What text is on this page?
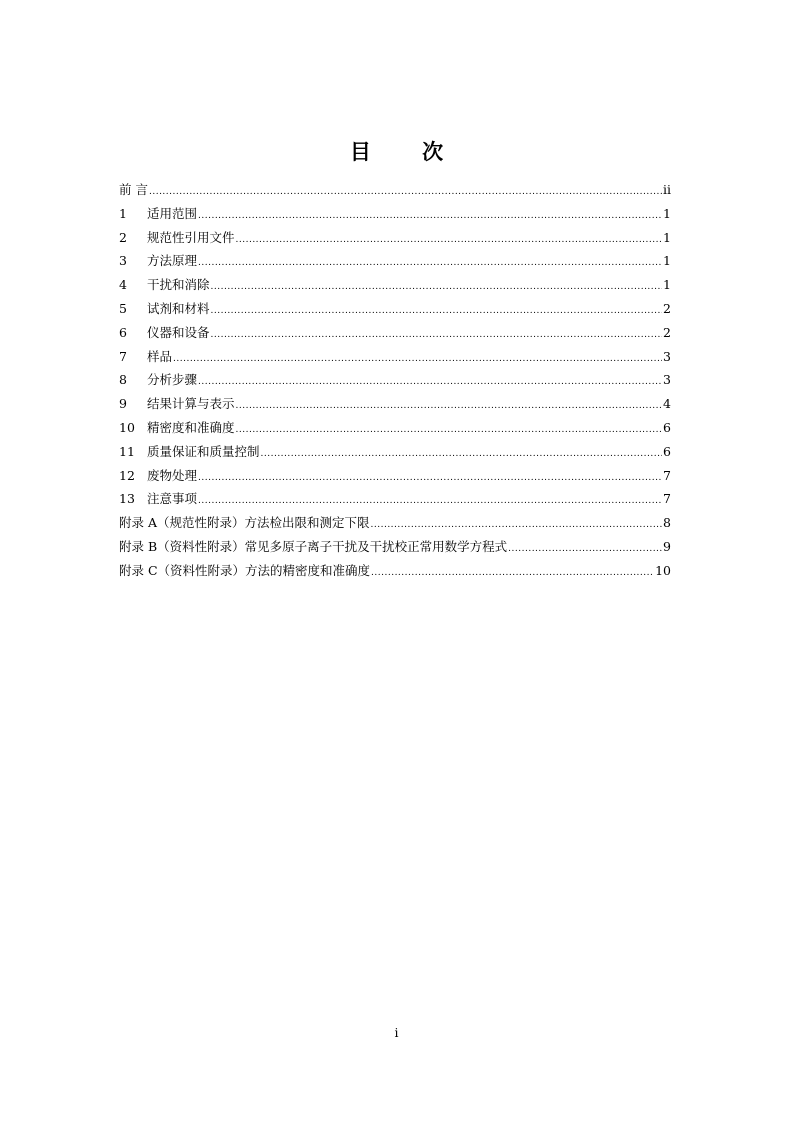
目 次
前 言 .....	ii
1	适用范围 .....	1
2	规范性引用文件 .....	1
3	方法原理 .....	1
4	干扰和消除 .....	1
5	试剂和材料 .....	2
6	仪器和设备 .....	2
7	样品 .....	3
8	分析步骤 .....	3
9	结果计算与表示 .....	4
10 精密度和准确度 .....	6
11 质量保证和质量控制 .....	6
12 废物处理 .....	7
13 注意事项 .....	7
附录 A（规范性附录）方法检出限和测定下限 .....	8
附录 B（资料性附录）常见多原子离子干扰及干扰校正常用数学方程式 .....	9
附录 C（资料性附录）方法的精密度和准确度 .....	10
i
